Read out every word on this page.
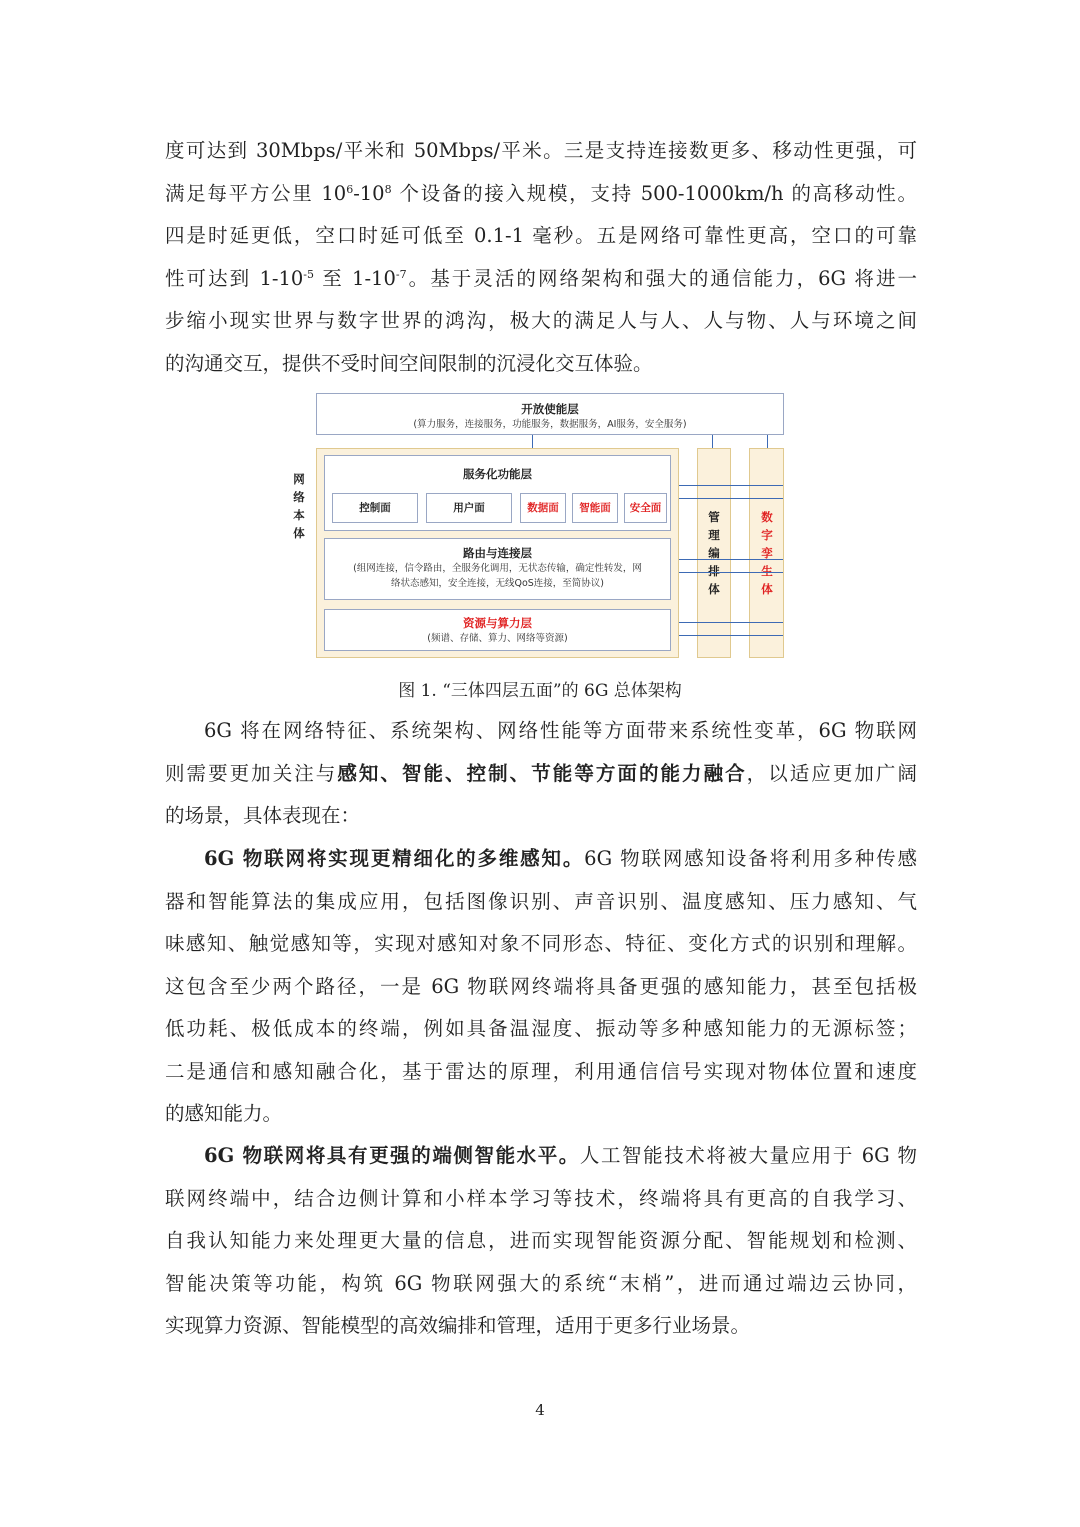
度可达到 30Mbps/平米和 50Mbps/平米。三是支持连接数更多、移动性更强，可
满足每平方公里 $10^6-10^8$ 个设备的接入规模，支持 500-1000km/h 的高移动性。
四是时延更低，空口时延可低至 0.1-1 毫秒。五是网络可靠性更高，空口的可靠
性可达到 $1-10^{-5}$ 至 $1-10^{-7}$。基于灵活的网络架构和强大的通信能力，6G 将进一
步缩小现实世界与数字世界的鸿沟，极大的满足人与人、人与物、人与环境之间
的沟通交互，提供不受时间空间限制的沉浸化交互体验。
开放使能层
(算力服务，连接服务，功能服务，数据服务，AI服务，安全服务)
网
络
本
体
服务化功能层
控制面	用户面	数据面	智能面	安全面
路由与连接层
(组网连接，信令路由，全服务化调用，无状态传输，确定性转发，网
络状态感知，安全连接，无线QoS连接，至简协议)
资源与算力层
(频谱、存储、算力、网络等资源)
管
理
编
排
体
数
字
孪
生
体
图 1. “三体四层五面”的 6G 总体架构
6G 将在网络特征、系统架构、网络性能等方面带来系统性变革，6G 物联网
则需要更加关注与感知、智能、控制、节能等方面的能力融合，以适应更加广阔
的场景，具体表现在：
6G 物联网将实现更精细化的多维感知。6G 物联网感知设备将利用多种传感
器和智能算法的集成应用，包括图像识别、声音识别、温度感知、压力感知、气
味感知、触觉感知等，实现对感知对象不同形态、特征、变化方式的识别和理解。
这包含至少两个路径，一是 6G 物联网终端将具备更强的感知能力，甚至包括极
低功耗、极低成本的终端，例如具备温湿度、振动等多种感知能力的无源标签；
二是通信和感知融合化，基于雷达的原理，利用通信信号实现对物体位置和速度
的感知能力。
6G 物联网将具有更强的端侧智能水平。人工智能技术将被大量应用于 6G 物
联网终端中，结合边侧计算和小样本学习等技术，终端将具有更高的自我学习、
自我认知能力来处理更大量的信息，进而实现智能资源分配、智能规划和检测、
智能决策等功能，构筑 6G 物联网强大的系统“末梢”，进而通过端边云协同，
实现算力资源、智能模型的高效编排和管理，适用于更多行业场景。
4
